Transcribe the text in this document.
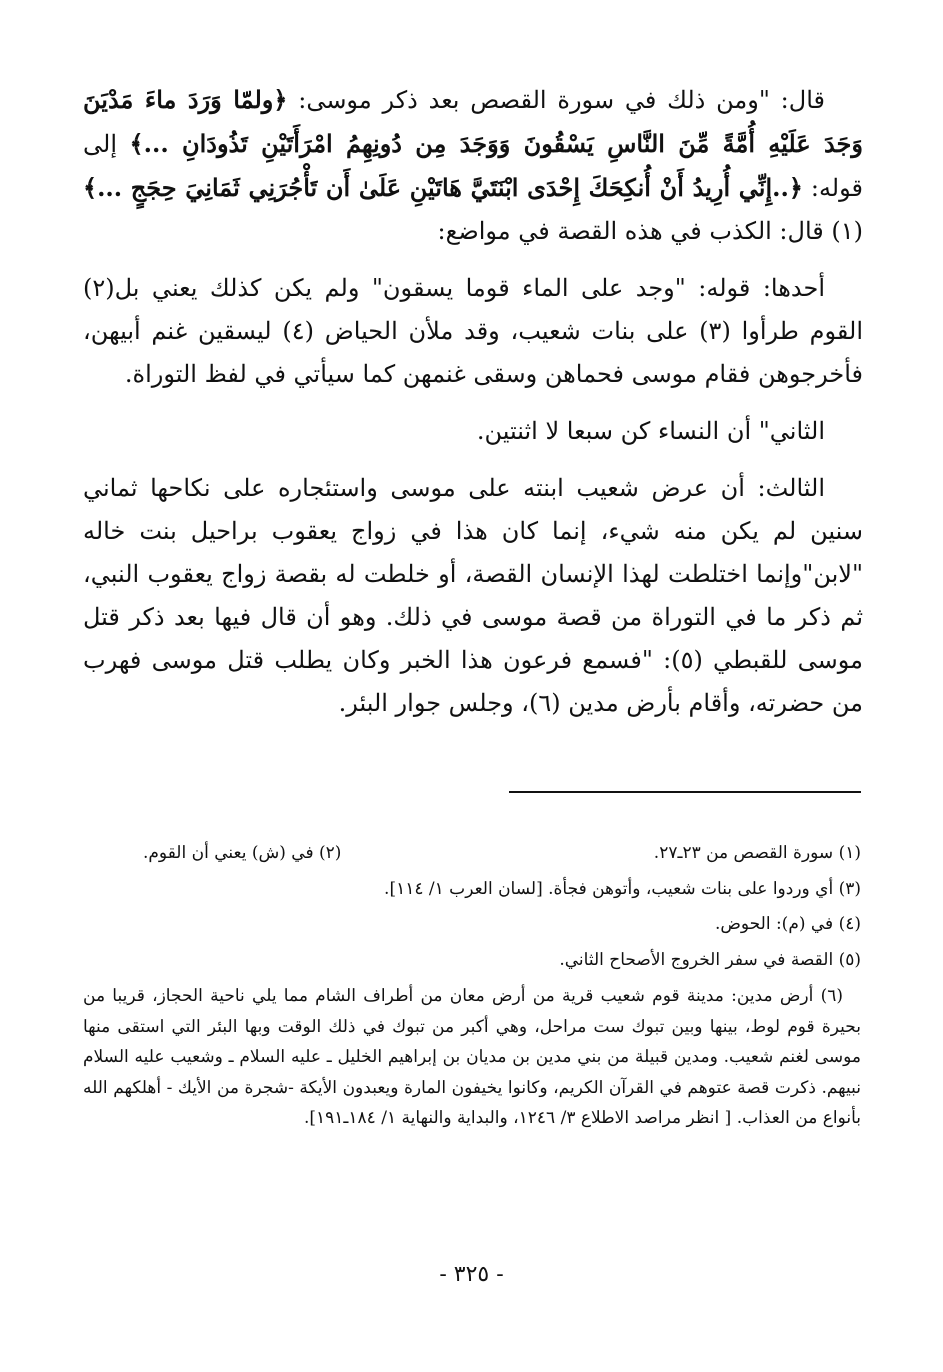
قال: "ومن ذلك في سورة القصص بعد ذكر موسى: ﴿ولمّا وَرَدَ ماءَ مَدْيَنَ وَجَدَ عَلَيْهِ أُمَّةً مِّنَ النَّاسِ يَسْقُونَ وَوَجَدَ مِن دُونِهِمُ امْرَأَتَيْنِ تَذُودَانِ ...﴾ إلى قوله: ﴿..إِنِّي أُرِيدُ أَنْ أُنكِحَكَ إِحْدَى ابْنَتَيَّ هَاتَيْنِ عَلَىٰ أَن تَأْجُرَنِي ثَمَانِيَ حِجَجٍ ...﴾ (١) قال: الكذب في هذه القصة في مواضع:

أحدها: قوله: "وجد على الماء قوما يسقون" ولم يكن كذلك يعني بل(٢) القوم طرأوا (٣) على بنات شعيب، وقد ملأن الحياض (٤) ليسقين غنم أبيهن، فأخرجوهن فقام موسى فحماهن وسقى غنمهن كما سيأتي في لفظ التوراة.

الثاني" أن النساء كن سبعا لا اثنتين.

الثالث: أن عرض شعيب ابنته على موسى واستئجاره على نكاحها ثماني سنين لم يكن منه شيء، إنما كان هذا في زواج يعقوب براحيل بنت خاله "لابن"وإنما اختلطت لهذا الإنسان القصة، أو خلطت له بقصة زواج يعقوب النبي، ثم ذكر ما في التوراة من قصة موسى في ذلك. وهو أن قال فيها بعد ذكر قتل موسى للقبطي (٥): "فسمع فرعون هذا الخبر وكان يطلب قتل موسى فهرب من حضرته، وأقام بأرض مدين (٦)، وجلس جوار البئر.

(١) سورة القصص من ٢٣ـ٢٧.
(٢) في (ش) يعني أن القوم.

(٣) أي وردوا على بنات شعيب، وأتوهن فجأة. [لسان العرب ١/ ١١٤].

(٤) في (م): الحوض.

(٥) القصة في سفر الخروج الأصحاح الثاني.

(٦) أرض مدين: مدينة قوم شعيب قرية من أرض معان من أطراف الشام مما يلي ناحية الحجاز، قريبا من بحيرة قوم لوط، بينها وبين تبوك ست مراحل، وهي أكبر من تبوك في ذلك الوقت وبها البئر التي استقى منها موسى لغنم شعيب. ومدين قبيلة من بني مدين بن مديان بن إبراهيم الخليل ـ عليه السلام ـ وشعيب عليه السلام نبيهم. ذكرت قصة عتوهم في القرآن الكريم، وكانوا يخيفون المارة ويعبدون الأيكة -شجرة من الأيك - أهلكهم الله بأنواع من العذاب. [ انظر مراصد الاطلاع ٣/ ١٢٤٦، والبداية والنهاية ١/ ١٨٤ـ١٩١].

- ٣٢٥ -
